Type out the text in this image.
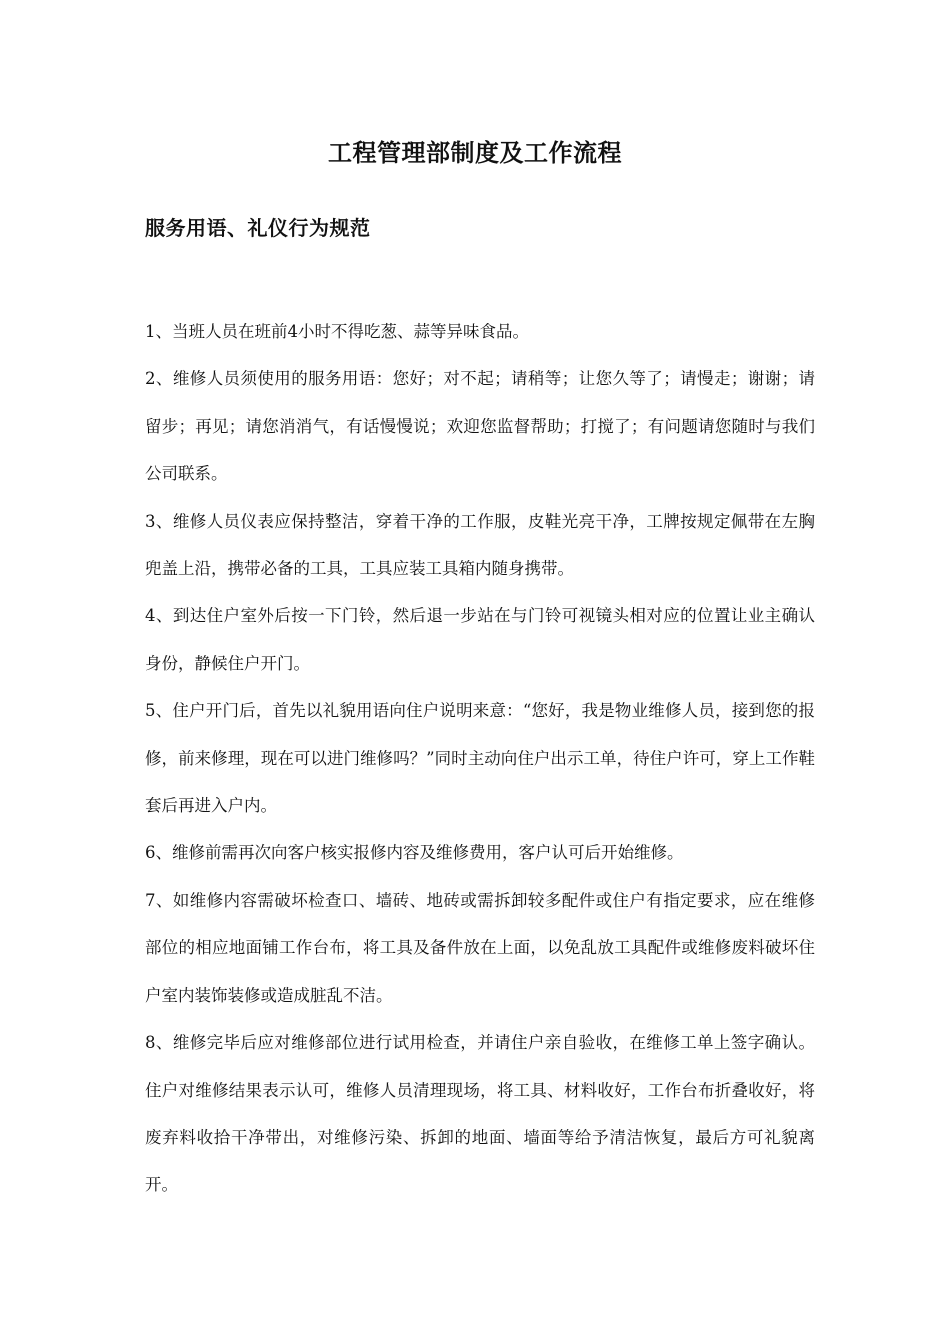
工程管理部制度及工作流程
服务用语、礼仪行为规范

1、当班人员在班前4小时不得吃葱、蒜等异味食品。

2、维修人员须使用的服务用语：您好；对不起；请稍等；让您久等了；请慢走；谢谢；请留步；再见；请您消消气，有话慢慢说；欢迎您监督帮助；打搅了；有问题请您随时与我们公司联系。

3、维修人员仪表应保持整洁，穿着干净的工作服，皮鞋光亮干净，工牌按规定佩带在左胸兜盖上沿，携带必备的工具，工具应装工具箱内随身携带。

4、到达住户室外后按一下门铃，然后退一步站在与门铃可视镜头相对应的位置让业主确认身份，静候住户开门。

5、住户开门后，首先以礼貌用语向住户说明来意：“您好，我是物业维修人员，接到您的报修，前来修理，现在可以进门维修吗？”同时主动向住户出示工单，待住户许可，穿上工作鞋套后再进入户内。

6、维修前需再次向客户核实报修内容及维修费用，客户认可后开始维修。

7、如维修内容需破坏检查口、墙砖、地砖或需拆卸较多配件或住户有指定要求，应在维修部位的相应地面铺工作台布，将工具及备件放在上面，以免乱放工具配件或维修废料破坏住户室内装饰装修或造成脏乱不洁。

8、维修完毕后应对维修部位进行试用检查，并请住户亲自验收，在维修工单上签字确认。住户对维修结果表示认可，维修人员清理现场，将工具、材料收好，工作台布折叠收好，将废弃料收拾干净带出，对维修污染、拆卸的地面、墙面等给予清洁恢复，最后方可礼貌离开。
